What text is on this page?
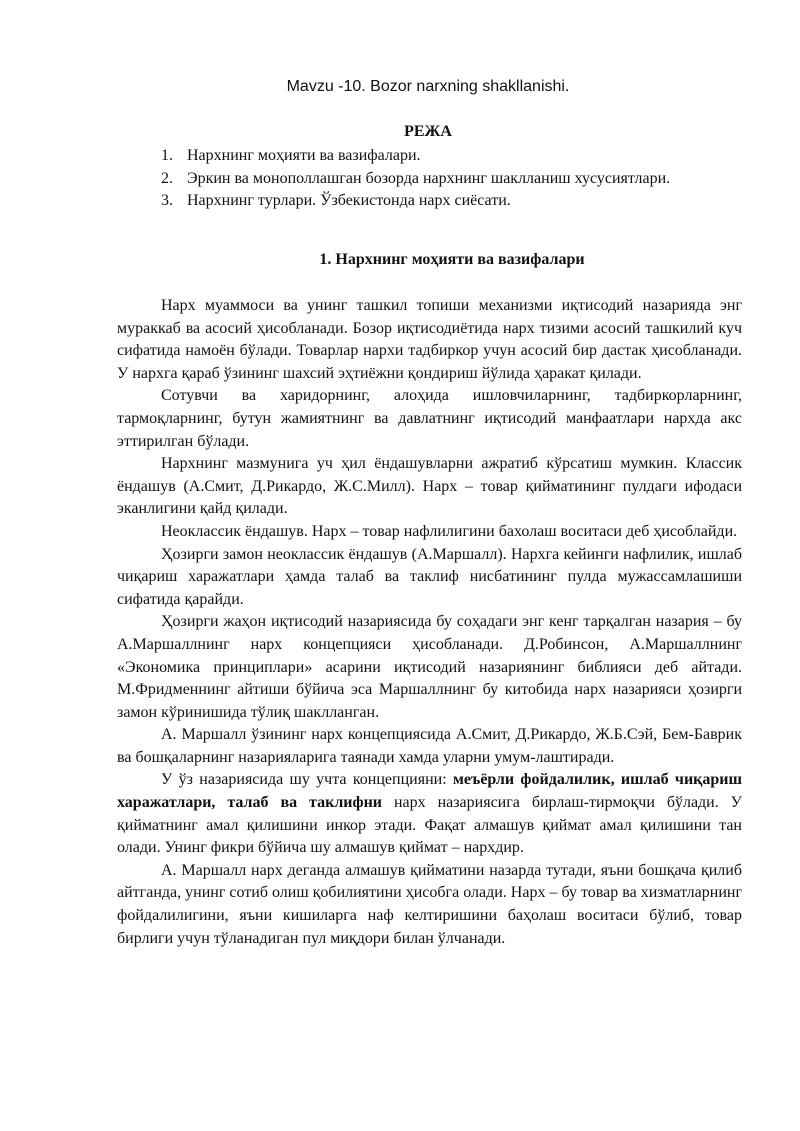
Mavzu -10. Bozor narxning shakllanishi.
РЕЖА
1. Нархнинг моҳияти ва вазифалари.
2. Эркин ва монополлашган бозорда нархнинг шаклланиш хусусиятлари.
3. Нархнинг турлари. Ўзбекистонда нарх сиёсати.
1. Нархнинг моҳияти ва вазифалари

Нарх муаммоси ва унинг ташкил топиши механизми иқтисодий назарияда энг мураккаб ва асосий ҳисобланади. Бозор иқтисодиётида нарх тизими асосий ташкилий куч сифатида намоён бўлади. Товарлар нархи тадбиркор учун асосий бир дастак ҳисобланади. У нархга қараб ўзининг шахсий эҳтиёжни қондириш йўлида ҳаракат қилади.

Сотувчи ва харидорнинг, алоҳида ишловчиларнинг, тадбиркорларнинг, тармоқларнинг, бутун жамиятнинг ва давлатнинг иқтисодий манфаатлари нархда акс эттирилган бўлади.

Нархнинг мазмунига уч ҳил ёндашувларни ажратиб кўрсатиш мумкин. Классик ёндашув (А.Смит, Д.Рикардо, Ж.С.Милл). Нарх – товар қийматининг пулдаги ифодаси эканлигини қайд қилади.

Неоклассик ёндашув. Нарх – товар нафлилигини бахолаш воситаси деб ҳисоблайди.

Ҳозирги замон неоклассик ёндашув (А.Маршалл). Нархга кейинги нафлилик, ишлаб чиқариш харажатлари ҳамда талаб ва таклиф нисбатининг пулда мужассамлашиши сифатида қарайди.

Ҳозирги жаҳон иқтисодий назариясида бу соҳадаги энг кенг тарқалган назария – бу А.Маршаллнинг нарх концепцияси ҳисобланади. Д.Робинсон, А.Маршаллнинг «Экономика принциплари» асарини иқтисодий назариянинг библияси деб айтади. М.Фридменнинг айтиши бўйича эса Маршаллнинг бу китобида нарх назарияси ҳозирги замон кўринишида тўлиқ шаклланган.

А. Маршалл ўзининг нарх концепциясида А.Смит, Д.Рикардо, Ж.Б.Сэй, Бем-Баврик ва бошқаларнинг назарияларига таянади хамда уларни умум-лаштиради.

У ўз назариясида шу учта концепцияни: меъёрли фойдалилик, ишлаб чиқариш харажатлари, талаб ва таклифни нарх назариясига бирлаш-тирмоқчи бўлади. У қийматнинг амал қилишини инкор этади. Фақат алмашув қиймат амал қилишини тан олади. Унинг фикри бўйича шу алмашув қиймат – нархдир.

А. Маршалл нарх деганда алмашув қийматини назарда тутади, яъни бошқача қилиб айтганда, унинг сотиб олиш қобилиятини ҳисобга олади. Нарх – бу товар ва хизматларнинг фойдалилигини, яъни кишиларга наф келтиришини баҳолаш воситаси бўлиб, товар бирлиги учун тўланадиган пул миқдори билан ўлчанади.
